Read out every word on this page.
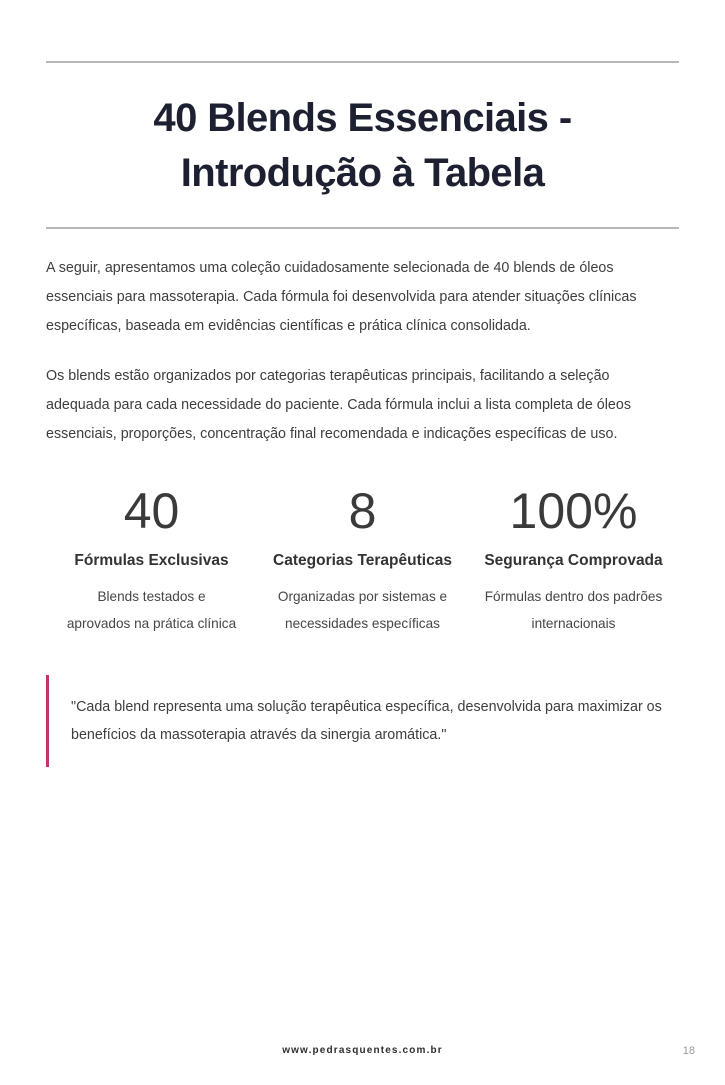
40 Blends Essenciais -
Introdução à Tabela

A seguir, apresentamos uma coleção cuidadosamente selecionada de 40 blends de óleos essenciais para massoterapia. Cada fórmula foi desenvolvida para atender situações clínicas específicas, baseada em evidências científicas e prática clínica consolidada.

Os blends estão organizados por categorias terapêuticas principais, facilitando a seleção adequada para cada necessidade do paciente. Cada fórmula inclui a lista completa de óleos essenciais, proporções, concentração final recomendada e indicações específicas de uso.

40
Fórmulas Exclusivas
Blends testados e aprovados na prática clínica
8
Categorias Terapêuticas
Organizadas por sistemas e necessidades específicas
100%
Segurança Comprovada
Fórmulas dentro dos padrões internacionais
"Cada blend representa uma solução terapêutica específica, desenvolvida para maximizar os benefícios da massoterapia através da sinergia aromática."
www.pedrasquentes.com.br	18
